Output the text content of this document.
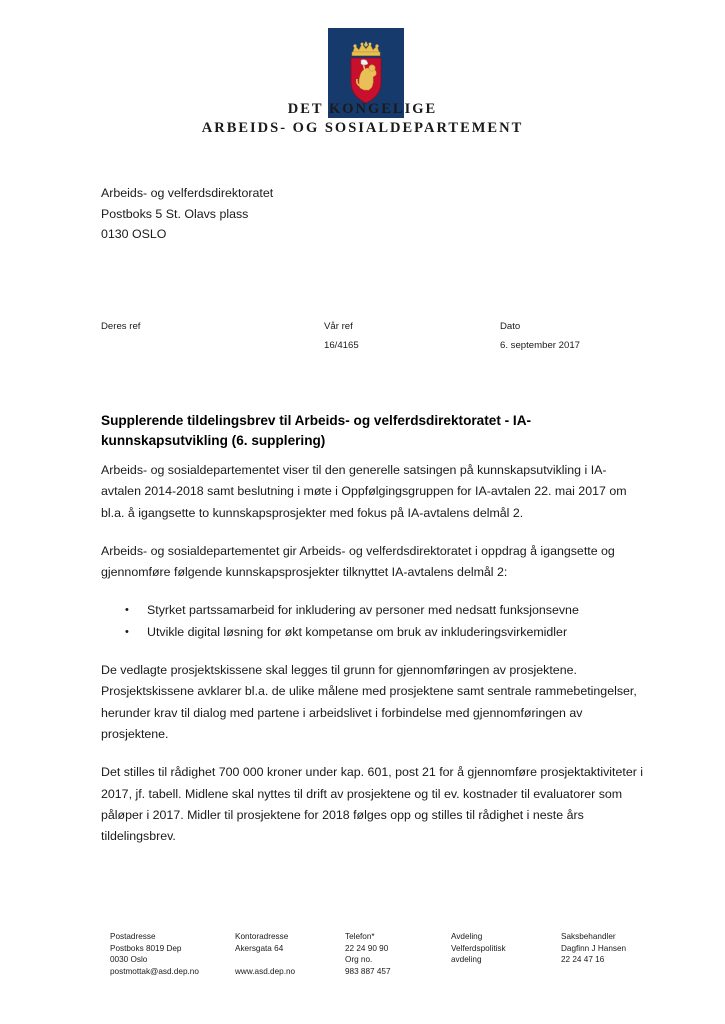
DET KONGELIGE
ARBEIDS- OG SOSIALDEPARTEMENT
Arbeids- og velferdsdirektoratet
Postboks 5 St. Olavs plass
0130 OSLO
Deres ref	Vår ref
16/4165
Dato
6. september 2017
Supplerende tildelingsbrev til Arbeids- og velferdsdirektoratet - IA-kunnskapsutvikling (6. supplering)

Arbeids- og sosialdepartementet viser til den generelle satsingen på kunnskapsutvikling i IA-avtalen 2014-2018 samt beslutning i møte i Oppfølgingsgruppen for IA-avtalen 22. mai 2017 om bl.a. å igangsette to kunnskapsprosjekter med fokus på IA-avtalens delmål 2.

Arbeids- og sosialdepartementet gir Arbeids- og velferdsdirektoratet i oppdrag å igangsette og gjennomføre følgende kunnskapsprosjekter tilknyttet IA-avtalens delmål 2:

• Styrket partssamarbeid for inkludering av personer med nedsatt funksjonsevne
• Utvikle digital løsning for økt kompetanse om bruk av inkluderingsvirkemidler

De vedlagte prosjektskissene skal legges til grunn for gjennomføringen av prosjektene. Prosjektskissene avklarer bl.a. de ulike målene med prosjektene samt sentrale rammebetingelser, herunder krav til dialog med partene i arbeidslivet i forbindelse med gjennomføringen av prosjektene.

Det stilles til rådighet 700 000 kroner under kap. 601, post 21 for å gjennomføre prosjektaktiviteter i 2017, jf. tabell. Midlene skal nyttes til drift av prosjektene og til ev. kostnader til evaluatorer som påløper i 2017. Midler til prosjektene for 2018 følges opp og stilles til rådighet i neste års tildelingsbrev.

Postadresse
Postboks 8019 Dep
0030 Oslo
postmottak@asd.dep.no
Kontoradresse
Akersgata 64
www.asd.dep.no
Telefon*
22 24 90 90
Org no.
983 887 457
Avdeling
Velferdspolitisk
avdeling
Saksbehandler
Dagfinn J Hansen
22 24 47 16
